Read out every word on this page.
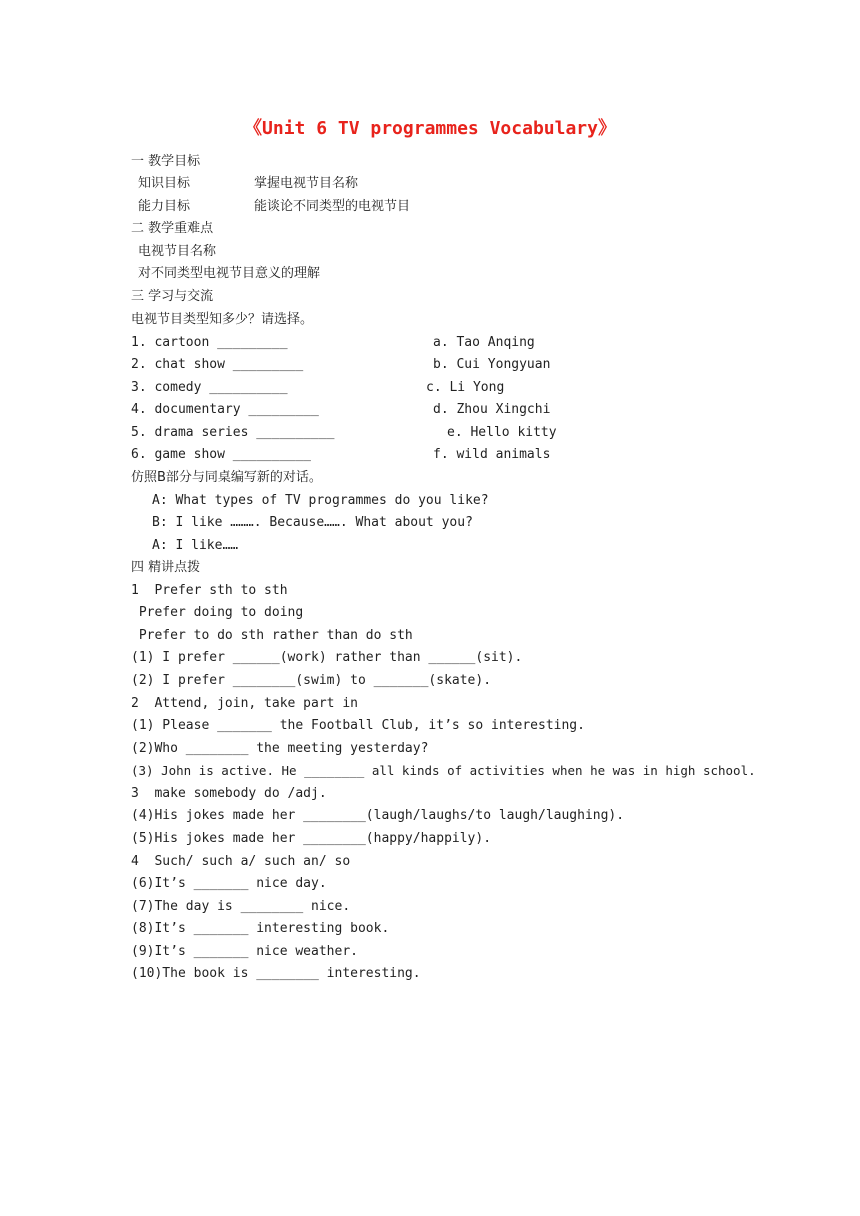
《Unit 6 TV programmes Vocabulary》
一 教学目标
知识目标	掌握电视节目名称
能力目标	能谈论不同类型的电视节目
二 教学重难点
电视节目名称
对不同类型电视节目意义的理解
三 学习与交流
电视节目类型知多少？请选择。
1. cartoon _________
2. chat show _________
3. comedy __________
4. documentary _________
5. drama series __________
6. game show __________
a. Tao Anqing
b. Cui Yongyuan
c. Li Yong
d. Zhou Xingchi
e. Hello kitty
f. wild animals
仿照B部分与同桌编写新的对话。
A: What types of TV programmes do you like?
B: I like ………. Because……. What about you?
A: I like……
四 精讲点拨
1  Prefer sth to sth
Prefer doing to doing
Prefer to do sth rather than do sth
(1) I prefer ______(work) rather than ______(sit).
(2) I prefer ________(swim) to _______(skate).
2  Attend, join, take part in
(1) Please _______ the Football Club, it’s so interesting.
(2)Who ________ the meeting yesterday?
(3) John is active. He ________ all kinds of activities when he was in high school.
3  make somebody do /adj.
(4)His jokes made her ________(laugh/laughs/to laugh/laughing).
(5)His jokes made her ________(happy/happily).
4  Such/ such a/ such an/ so
(6)It’s _______ nice day.
(7)The day is ________ nice.
(8)It’s _______ interesting book.
(9)It’s _______ nice weather.
(10)The book is ________ interesting.
